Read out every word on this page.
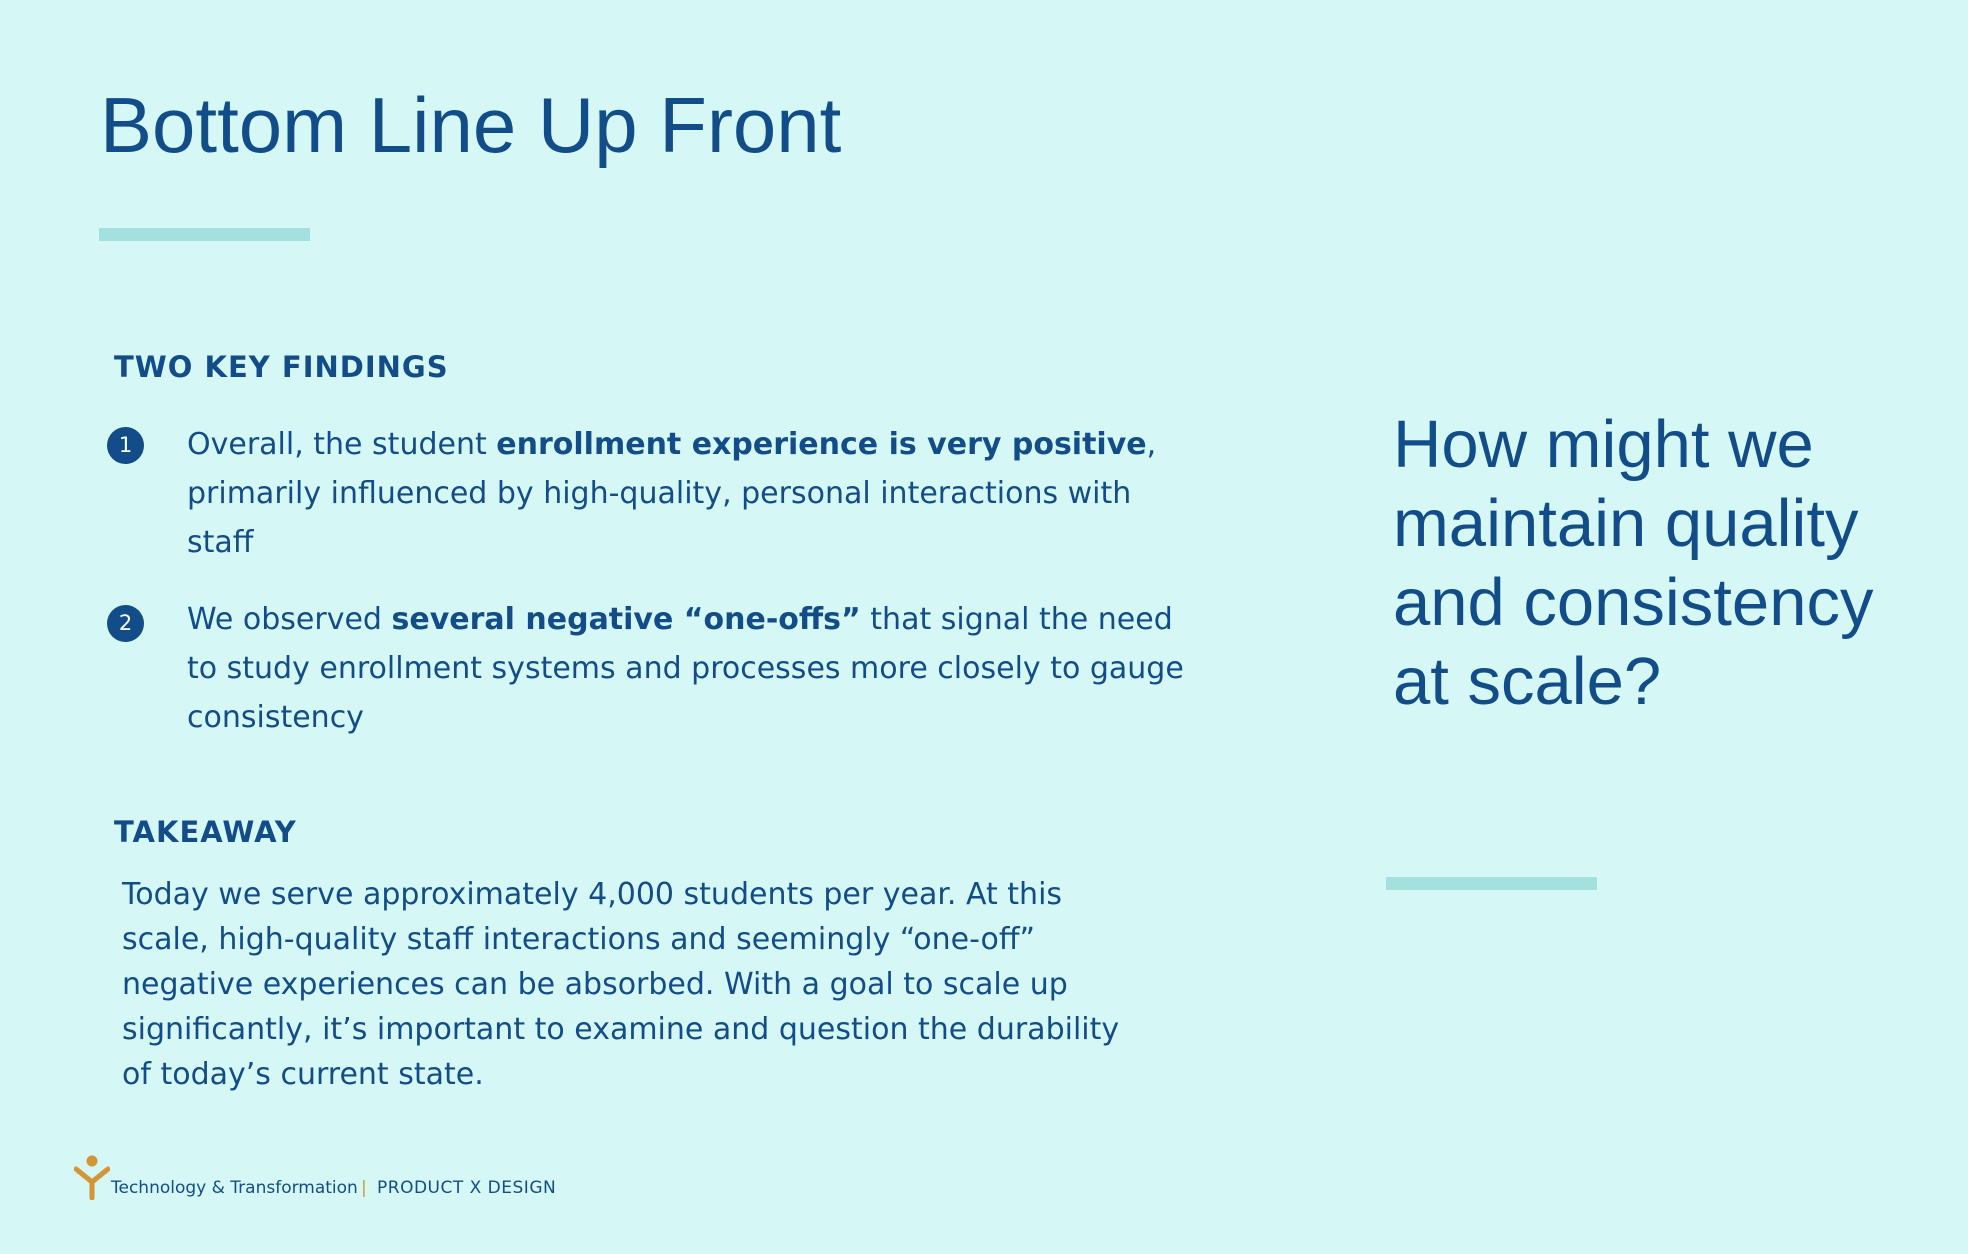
Bottom Line Up Front
TWO KEY FINDINGS
1	Overall, the student enrollment experience is very positive, primarily influenced by high-quality, personal interactions with staff

2	We observed several negative “one-offs” that signal the need to study enrollment systems and processes more closely to gauge consistency

TAKEAWAY

Today we serve approximately 4,000 students per year. At this scale, high-quality staff interactions and seemingly “one-off” negative experiences can be absorbed. With a goal to scale up significantly, it’s important to examine and question the durability of today’s current state.

How might we maintain quality and consistency at scale?

Technology & Transformation | PRODUCT X DESIGN
